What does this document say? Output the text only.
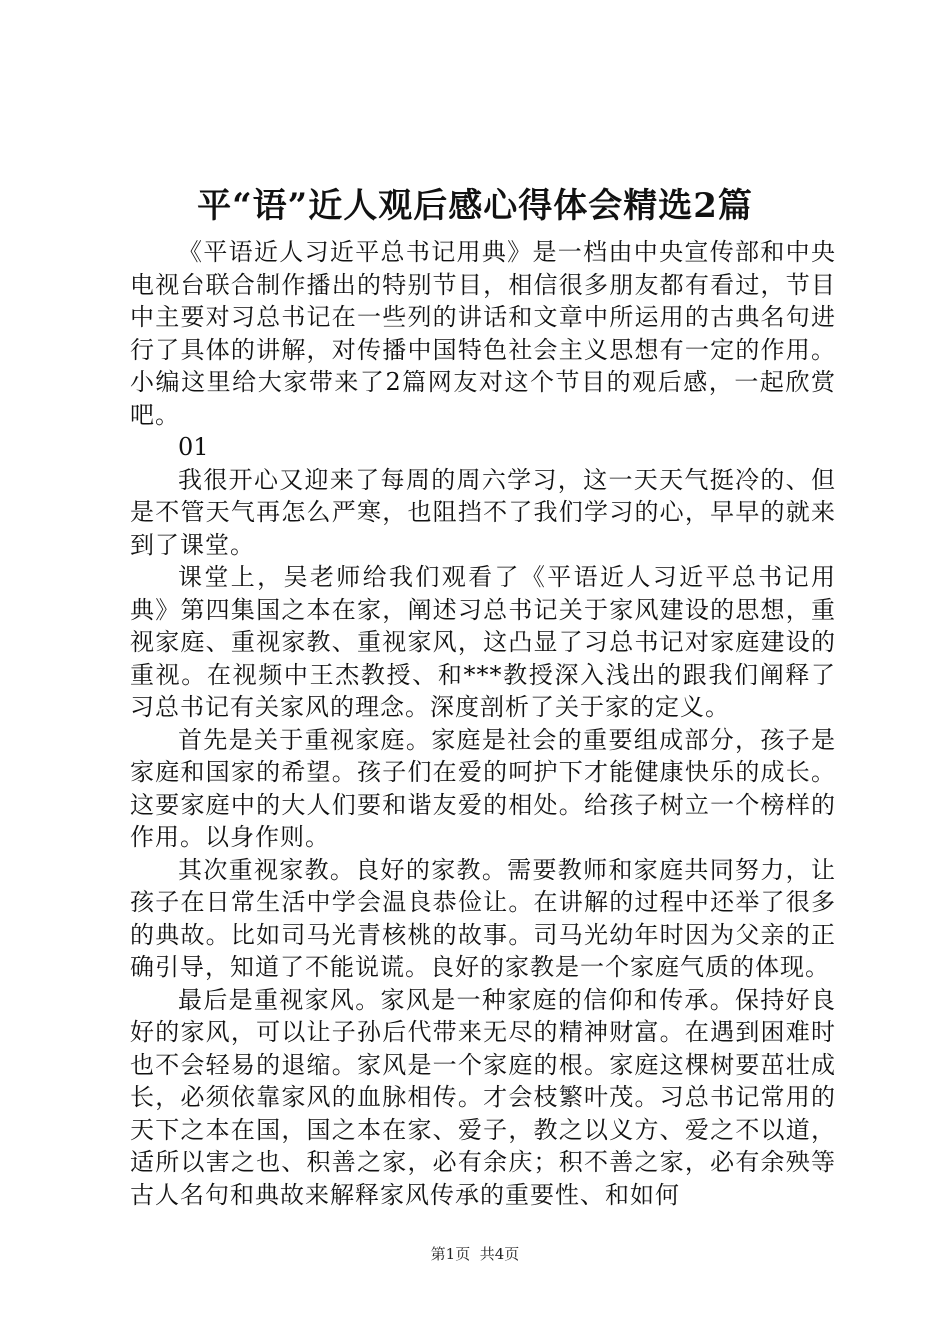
平“语”近人观后感心得体会精选2篇

《平语近人习近平总书记用典》是一档由中央宣传部和中央电视台联合制作播出的特别节目，相信很多朋友都有看过，节目中主要对习总书记在一些列的讲话和文章中所运用的古典名句进行了具体的讲解，对传播中国特色社会主义思想有一定的作用。小编这里给大家带来了2篇网友对这个节目的观后感，一起欣赏吧。

01

我很开心又迎来了每周的周六学习，这一天天气挺冷的、但是不管天气再怎么严寒，也阻挡不了我们学习的心，早早的就来到了课堂。

课堂上，吴老师给我们观看了《平语近人习近平总书记用典》第四集国之本在家，阐述习总书记关于家风建设的思想，重视家庭、重视家教、重视家风，这凸显了习总书记对家庭建设的重视。在视频中王杰教授、和***教授深入浅出的跟我们阐释了习总书记有关家风的理念。深度剖析了关于家的定义。

首先是关于重视家庭。家庭是社会的重要组成部分，孩子是家庭和国家的希望。孩子们在爱的呵护下才能健康快乐的成长。这要家庭中的大人们要和谐友爱的相处。给孩子树立一个榜样的作用。以身作则。

其次重视家教。良好的家教。需要教师和家庭共同努力，让孩子在日常生活中学会温良恭俭让。在讲解的过程中还举了很多的典故。比如司马光青核桃的故事。司马光幼年时因为父亲的正确引导，知道了不能说谎。良好的家教是一个家庭气质的体现。

最后是重视家风。家风是一种家庭的信仰和传承。保持好良好的家风，可以让子孙后代带来无尽的精神财富。在遇到困难时也不会轻易的退缩。家风是一个家庭的根。家庭这棵树要茁壮成长，必须依靠家风的血脉相传。才会枝繁叶茂。习总书记常用的天下之本在国，国之本在家、爱子，教之以义方、爱之不以道，适所以害之也、积善之家，必有余庆；积不善之家，必有余殃等古人名句和典故来解释家风传承的重要性、和如何

第1页 共4页
